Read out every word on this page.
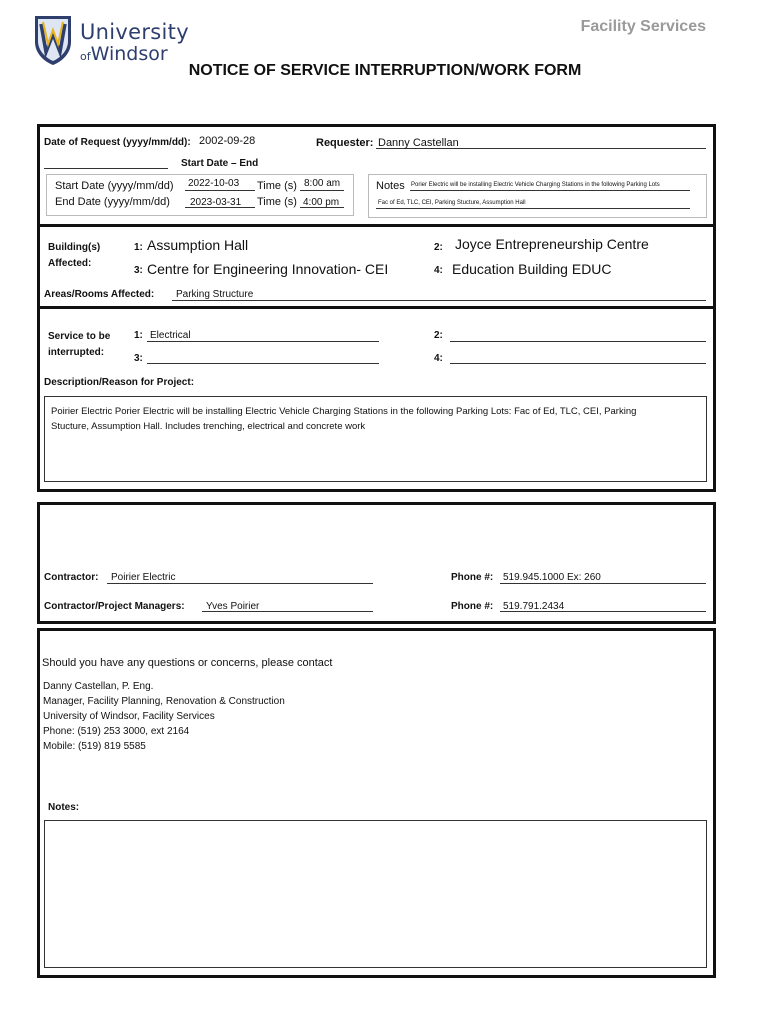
University
ofWindsor
Facility Services
NOTICE OF SERVICE INTERRUPTION/WORK FORM
Date of Request (yyyy/mm/dd): 2002-09-28	Requester: Danny Castellan
Start Date – End
Start Date (yyyy/mm/dd) 2022-10-03 Time (s) 8:00 am
End Date (yyyy/mm/dd) 2023-03-31 Time (s) 4:00 pm
Notes Porier Electric will be installing Electric Vehicle Charging Stations in the following Parking Lots
Fac of Ed, TLC, CEI, Parking Stucture, Assumption Hall
Building(s)
Affected:
1: Assumption Hall	2: Joyce Entrepreneurship Centre
3: Centre for Engineering Innovation- CEI	4: Education Building EDUC
Areas/Rooms Affected: Parking Structure
Service to be
interrupted:
1: Electrical	2:
3:	4:
Description/Reason for Project:
Poirier Electric Porier Electric will be installing Electric Vehicle Charging Stations in the following Parking Lots: Fac of Ed, TLC, CEI, Parking
Stucture, Assumption Hall. Includes trenching, electrical and concrete work
Contractor: Poirier Electric	Phone #: 519.945.1000 Ex: 260
Contractor/Project Managers: Yves Poirier	Phone #: 519.791.2434
Should you have any questions or concerns, please contact
Danny Castellan, P. Eng.
Manager, Facility Planning, Renovation & Construction
University of Windsor, Facility Services
Phone: (519) 253 3000, ext 2164
Mobile: (519) 819 5585
Notes:
